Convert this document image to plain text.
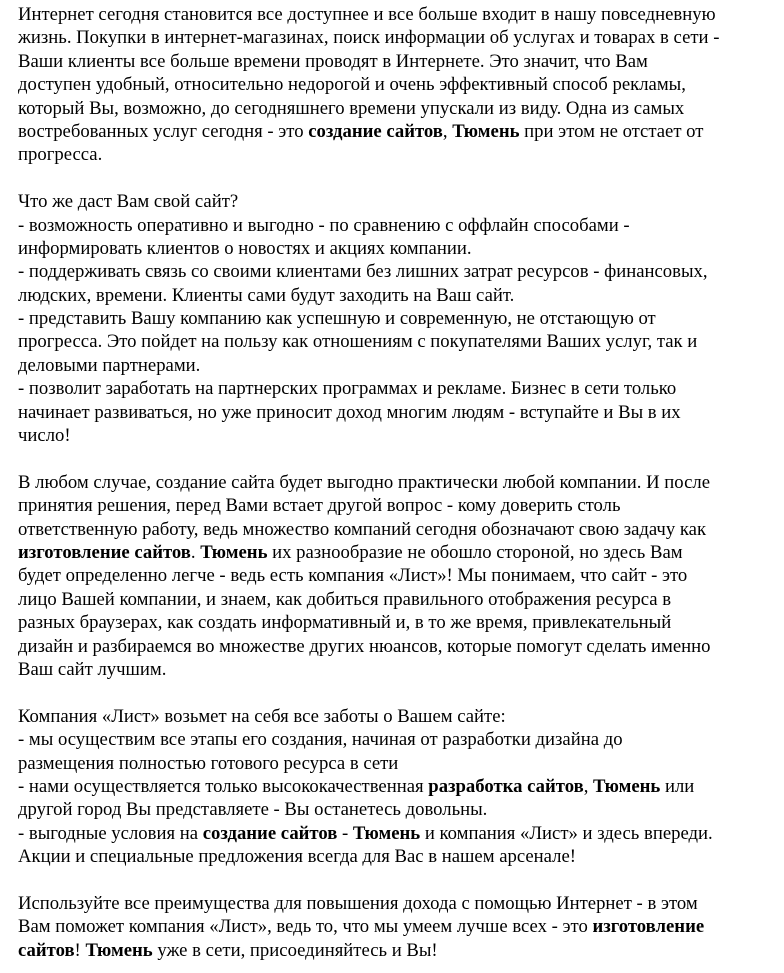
Интернет сегодня становится все доступнее и все больше входит в нашу повседневную
жизнь. Покупки в интернет-магазинах, поиск информации об услугах и товарах в сети -
Ваши клиенты все больше времени проводят в Интернете. Это значит, что Вам
доступен удобный, относительно недорогой и очень эффективный способ рекламы,
который Вы, возможно, до сегодняшнего времени упускали из виду. Одна из самых
востребованных услуг сегодня - это создание сайтов, Тюмень при этом не отстает от
прогресса.
Что же даст Вам свой сайт?
- возможность оперативно и выгодно - по сравнению с оффлайн способами -
информировать клиентов о новостях и акциях компании.
- поддерживать связь со своими клиентами без лишних затрат ресурсов - финансовых,
людских, времени. Клиенты сами будут заходить на Ваш сайт.
- представить Вашу компанию как успешную и современную, не отстающую от
прогресса. Это пойдет на пользу как отношениям с покупателями Ваших услуг, так и
деловыми партнерами.
- позволит заработать на партнерских программах и рекламе. Бизнес в сети только
начинает развиваться, но уже приносит доход многим людям - вступайте и Вы в их
число!
В любом случае, создание сайта будет выгодно практически любой компании. И после
принятия решения, перед Вами встает другой вопрос - кому доверить столь
ответственную работу, ведь множество компаний сегодня обозначают свою задачу как
изготовление сайтов. Тюмень их разнообразие не обошло стороной, но здесь Вам
будет определенно легче - ведь есть компания «Лист»! Мы понимаем, что сайт - это
лицо Вашей компании, и знаем, как добиться правильного отображения ресурса в
разных браузерах, как создать информативный и, в то же время, привлекательный
дизайн и разбираемся во множестве других нюансов, которые помогут сделать именно
Ваш сайт лучшим.
Компания «Лист» возьмет на себя все заботы о Вашем сайте:
- мы осуществим все этапы его создания, начиная от разработки дизайна до
размещения полностью готового ресурса в сети
- нами осуществляется только высококачественная разработка сайтов, Тюмень или
другой город Вы представляете - Вы останетесь довольны.
- выгодные условия на создание сайтов - Тюмень и компания «Лист» и здесь впереди.
Акции и специальные предложения всегда для Вас в нашем арсенале!
Используйте все преимущества для повышения дохода с помощью Интернет - в этом
Вам поможет компания «Лист», ведь то, что мы умеем лучше всех - это изготовление
сайтов! Тюмень уже в сети, присоединяйтесь и Вы!
